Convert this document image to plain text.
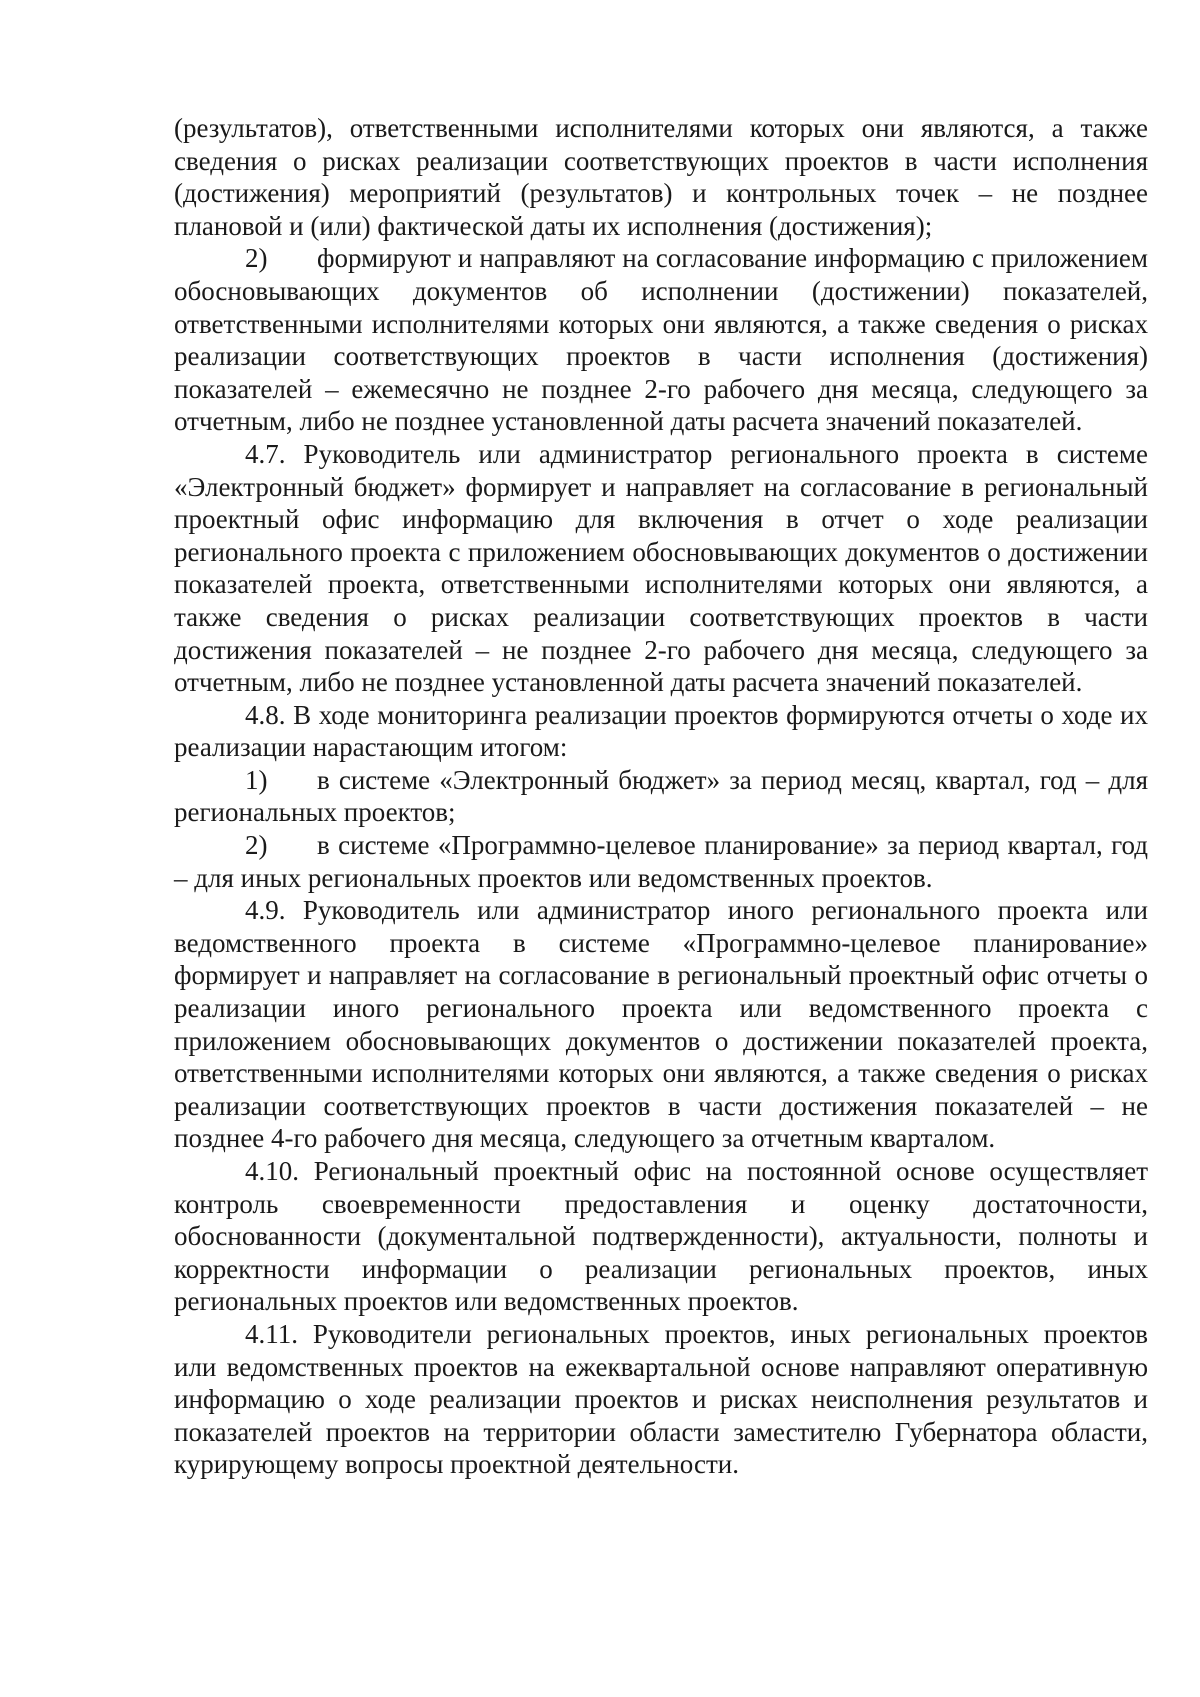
(результатов), ответственными исполнителями которых они являются, а также сведения о рисках реализации соответствующих проектов в части исполнения (достижения) мероприятий (результатов) и контрольных точек – не позднее плановой и (или) фактической даты их исполнения (достижения);

2) формируют и направляют на согласование информацию с приложением обосновывающих документов об исполнении (достижении) показателей, ответственными исполнителями которых они являются, а также сведения о рисках реализации соответствующих проектов в части исполнения (достижения) показателей – ежемесячно не позднее 2-го рабочего дня месяца, следующего за отчетным, либо не позднее установленной даты расчета значений показателей.

4.7. Руководитель или администратор регионального проекта в системе «Электронный бюджет» формирует и направляет на согласование в региональный проектный офис информацию для включения в отчет о ходе реализации регионального проекта с приложением обосновывающих документов о достижении показателей проекта, ответственными исполнителями которых они являются, а также сведения о рисках реализации соответствующих проектов в части достижения показателей – не позднее 2-го рабочего дня месяца, следующего за отчетным, либо не позднее установленной даты расчета значений показателей.

4.8. В ходе мониторинга реализации проектов формируются отчеты о ходе их реализации нарастающим итогом:

1) в системе «Электронный бюджет» за период месяц, квартал, год – для региональных проектов;

2) в системе «Программно-целевое планирование» за период квартал, год – для иных региональных проектов или ведомственных проектов.

4.9. Руководитель или администратор иного регионального проекта или ведомственного проекта в системе «Программно-целевое планирование» формирует и направляет на согласование в региональный проектный офис отчеты о реализации иного регионального проекта или ведомственного проекта с приложением обосновывающих документов о достижении показателей проекта, ответственными исполнителями которых они являются, а также сведения о рисках реализации соответствующих проектов в части достижения показателей – не позднее 4-го рабочего дня месяца, следующего за отчетным кварталом.

4.10. Региональный проектный офис на постоянной основе осуществляет контроль своевременности предоставления и оценку достаточности, обоснованности (документальной подтвержденности), актуальности, полноты и корректности информации о реализации региональных проектов, иных региональных проектов или ведомственных проектов.

4.11. Руководители региональных проектов, иных региональных проектов или ведомственных проектов на ежеквартальной основе направляют оперативную информацию о ходе реализации проектов и рисках неисполнения результатов и показателей проектов на территории области заместителю Губернатора области, курирующему вопросы проектной деятельности.
